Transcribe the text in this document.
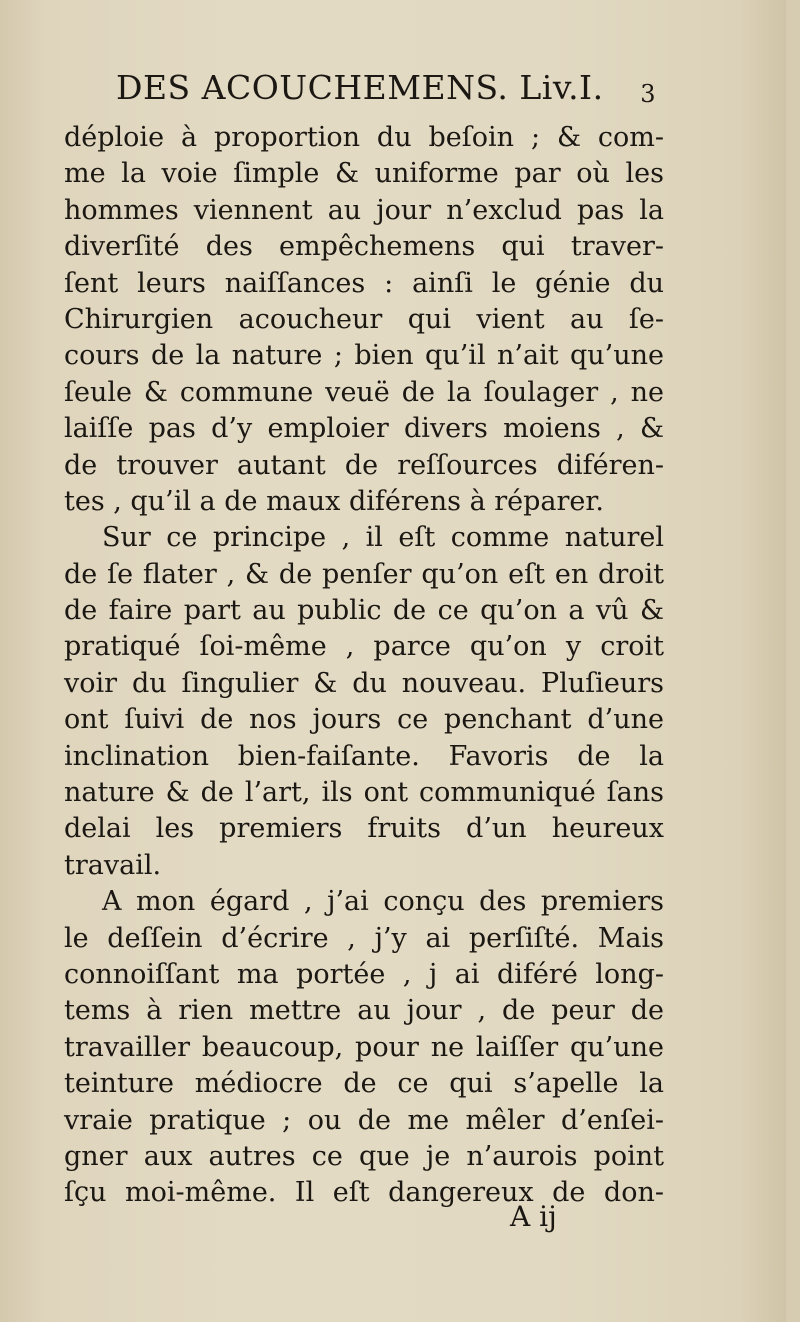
DES ACOUCHEMENS. Liv.I. 3
déploie à proportion du beſoin ; & com-
me la voie ſimple & uniforme par où les
hommes viennent au jour n’exclud pas la
diverſité des empêchemens qui traver-
ſent leurs naiſſances : ainſi le génie du
Chirurgien acoucheur qui vient au ſe-
cours de la nature ; bien qu’il n’ait qu’une
ſeule & commune veuë de la ſoulager , ne
laiſſe pas d’y emploier divers moiens , &
de trouver autant de reſſources diféren-
tes , qu’il a de maux diférens à réparer.
Sur ce principe , il eſt comme naturel
de ſe flater , & de penſer qu’on eſt en droit
de faire part au public de ce qu’on a vû &
pratiqué ſoi-même , parce qu’on y croit
voir du ſingulier & du nouveau. Pluſieurs
ont ſuivi de nos jours ce penchant d’une
inclination bien-faiſante. Favoris de la
nature & de l’art, ils ont communiqué ſans
delai les premiers fruits d’un heureux
travail.
A mon égard , j’ai conçu des premiers
le deſſein d’écrire , j’y ai perſiſté. Mais
connoiſſant ma portée , j ai diféré long-
tems à rien mettre au jour , de peur de
travailler beaucoup, pour ne laiſſer qu’une
teinture médiocre de ce qui s’apelle la
vraie pratique ; ou de me mêler d’enſei-
gner aux autres ce que je n’aurois point
ſçu moi-même. Il eſt dangereux de don-
A ij
